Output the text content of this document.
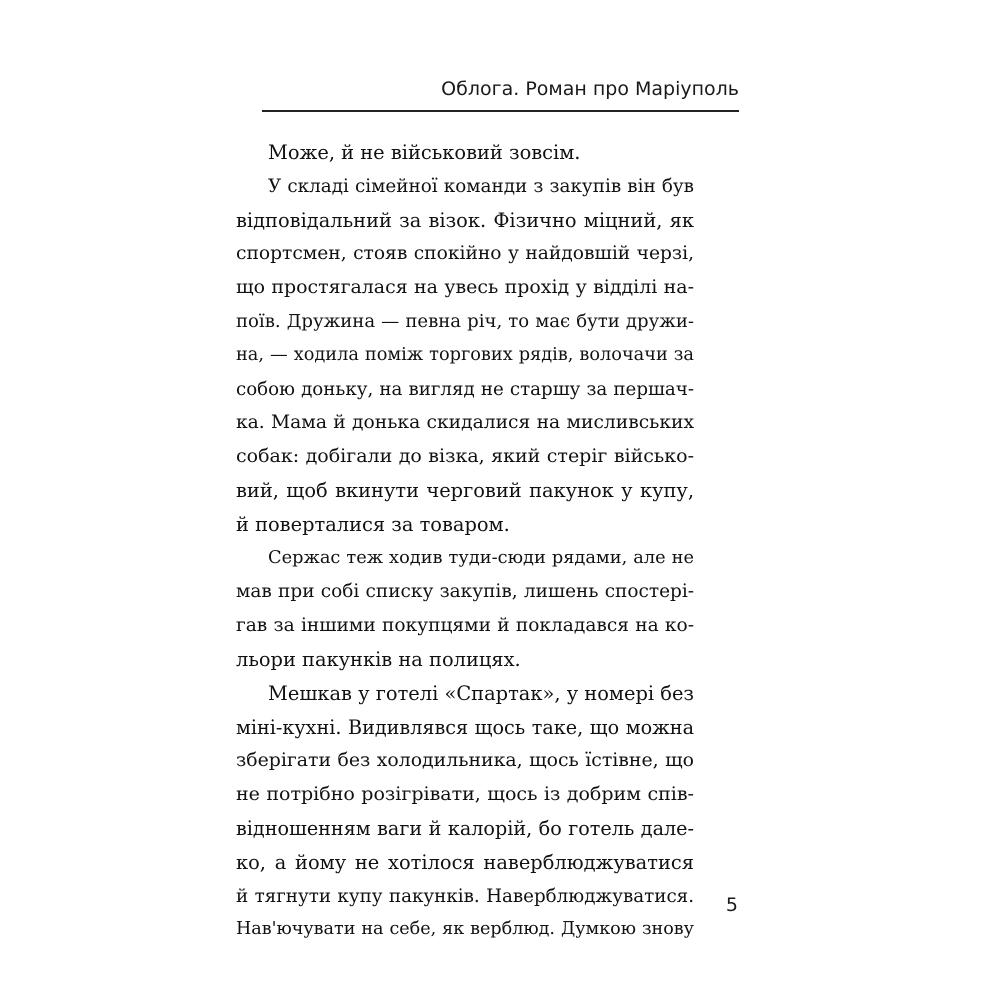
Облога. Роман про Маріуполь
Може, й не військовий зовсім.
У складі сімейної команди з закупів він був
відповідальний за візок. Фізично міцний, як
спортсмен, стояв спокійно у найдовшій черзі,
що простягалася на увесь прохід у відділі на-
поїв. Дружина — певна річ, то має бути дружи-
на, — ходила поміж торгових рядів, волочачи за
собою доньку, на вигляд не старшу за першач-
ка. Мама й донька скидалися на мисливських
собак: добігали до візка, який стеріг військо-
вий, щоб вкинути черговий пакунок у купу,
й поверталися за товаром.
Сержас теж ходив туди-сюди рядами, але не
мав при собі списку закупів, лишень спостері-
гав за іншими покупцями й покладався на ко-
льори пакунків на полицях.
Мешкав у готелі «Спартак», у номері без
міні-кухні. Видивлявся щось таке, що можна
зберігати без холодильника, щось їстівне, що
не потрібно розігрівати, щось із добрим спів-
відношенням ваги й калорій, бо готель дале-
ко, а йому не хотілося наверблюджуватися
й тягнути купу пакунків. Наверблюджуватися.
Нав'ючувати на себе, як верблюд. Думкою знову
5
